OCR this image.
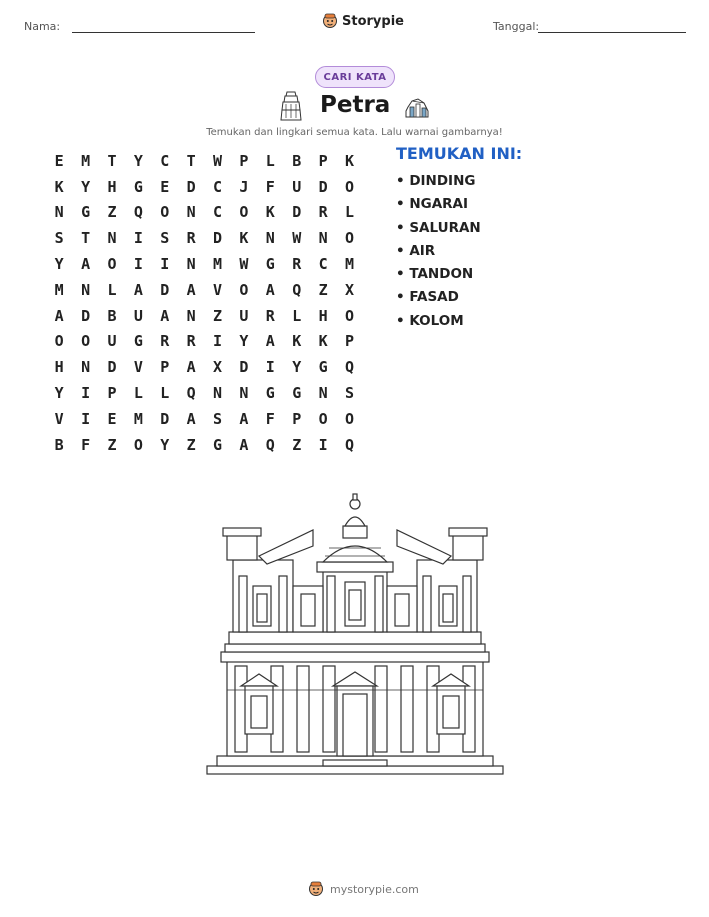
Nama:	Storypie	Tanggal:
CARI KATA
Petra
Temukan dan lingkari semua kata. Lalu warnai gambarnya!
E	M	T	Y	C	T	W	P	L	B	P	K
K	Y	H	G	E	D	C	J	F	U	D	O
N	G	Z	Q	O	N	C	O	K	D	R	L
S	T	N	I	S	R	D	K	N	W	N	O
Y	A	O	I	I	N	M	W	G	R	C	M
M	N	L	A	D	A	V	O	A	Q	Z	X
A	D	B	U	A	N	Z	U	R	L	H	O
O	O	U	G	R	R	I	Y	A	K	K	P
H	N	D	V	P	A	X	D	I	Y	G	Q
Y	I	P	L	L	Q	N	N	G	G	N	S
V	I	E	M	D	A	S	A	F	P	O	O
B	F	Z	O	Y	Z	G	A	Q	Z	I	Q
TEMUKAN INI:
• DINDING
• NGARAI
• SALURAN
• AIR
• TANDON
• FASAD
• KOLOM
mystorypie.com
